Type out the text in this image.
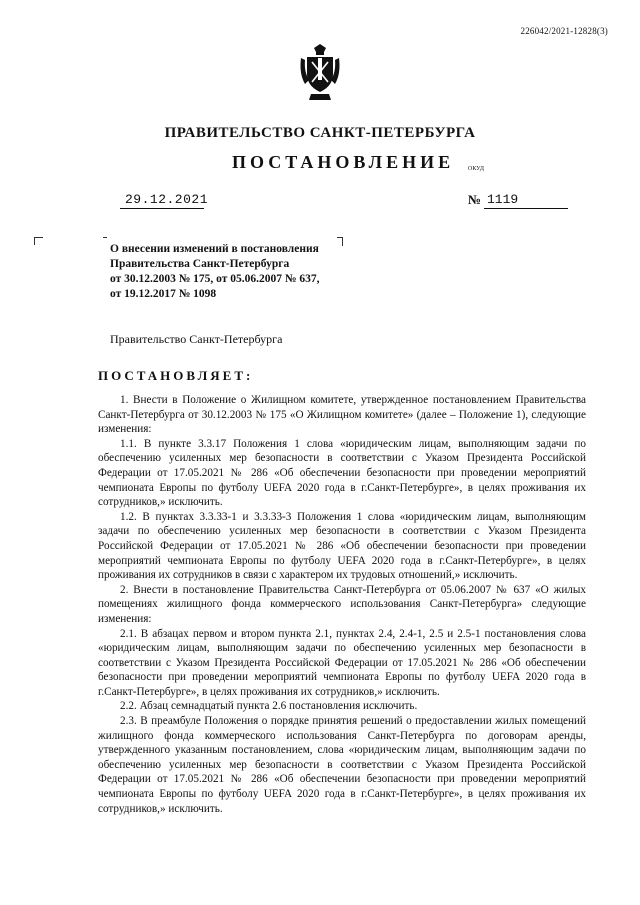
226042/2021-12828(3)
ПРАВИТЕЛЬСТВО САНКТ-ПЕТЕРБУРГА
ПОСТАНОВЛЕНИЕ ОКУД
29.12.2021	№ 1119
О внесении изменений в постановления
Правительства Санкт-Петербурга
от 30.12.2003 № 175, от 05.06.2007 № 637,
от 19.12.2017 № 1098
Правительство Санкт-Петербурга
ПОСТАНОВЛЯЕТ:

1. Внести в Положение о Жилищном комитете, утвержденное постановлением Правительства Санкт-Петербурга от 30.12.2003 № 175 «О Жилищном комитете» (далее – Положение 1), следующие изменения:

1.1. В пункте 3.3.17 Положения 1 слова «юридическим лицам, выполняющим задачи по обеспечению усиленных мер безопасности в соответствии с Указом Президента Российской Федерации от 17.05.2021 № 286 «Об обеспечении безопасности при проведении мероприятий чемпионата Европы по футболу UEFA 2020 года в г.Санкт-Петербурге», в целях проживания их сотрудников,» исключить.

1.2. В пунктах 3.3.33-1 и 3.3.33-3 Положения 1 слова «юридическим лицам, выполняющим задачи по обеспечению усиленных мер безопасности в соответствии с Указом Президента Российской Федерации от 17.05.2021 № 286 «Об обеспечении безопасности при проведении мероприятий чемпионата Европы по футболу UEFA 2020 года в г.Санкт-Петербурге», в целях проживания их сотрудников в связи с характером их трудовых отношений,» исключить.

2. Внести в постановление Правительства Санкт-Петербурга от 05.06.2007 № 637 «О жилых помещениях жилищного фонда коммерческого использования Санкт-Петербурга» следующие изменения:

2.1. В абзацах первом и втором пункта 2.1, пунктах 2.4, 2.4-1, 2.5 и 2.5-1 постановления слова «юридическим лицам, выполняющим задачи по обеспечению усиленных мер безопасности в соответствии с Указом Президента Российской Федерации от 17.05.2021 № 286 «Об обеспечении безопасности при проведении мероприятий чемпионата Европы по футболу UEFA 2020 года в г.Санкт-Петербурге», в целях проживания их сотрудников,» исключить.

2.2. Абзац семнадцатый пункта 2.6 постановления исключить.

2.3. В преамбуле Положения о порядке принятия решений о предоставлении жилых помещений жилищного фонда коммерческого использования Санкт-Петербурга по договорам аренды, утвержденного указанным постановлением, слова «юридическим лицам, выполняющим задачи по обеспечению усиленных мер безопасности в соответствии с Указом Президента Российской Федерации от 17.05.2021 № 286 «Об обеспечении безопасности при проведении мероприятий чемпионата Европы по футболу UEFA 2020 года в г.Санкт-Петербурге», в целях проживания их сотрудников,» исключить.
